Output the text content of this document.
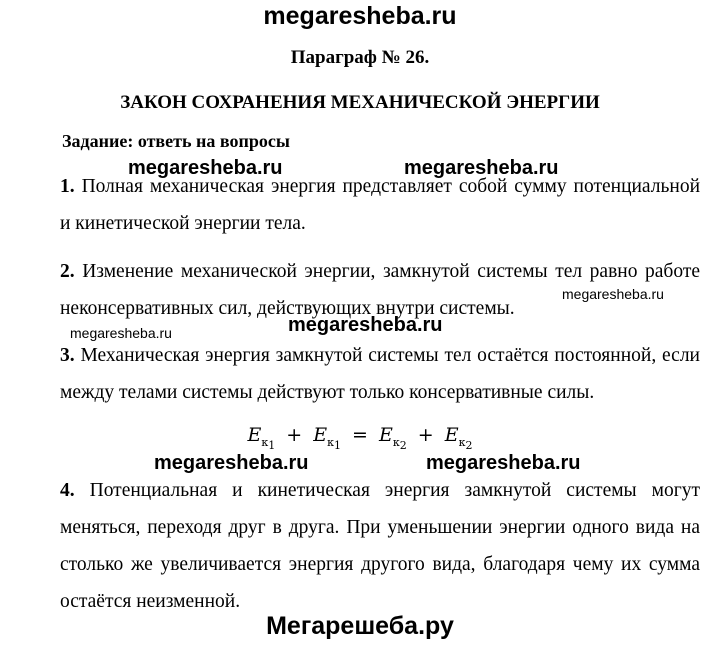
megaresheba.ru
Параграф № 26.
ЗАКОН СОХРАНЕНИЯ МЕХАНИЧЕСКОЙ ЭНЕРГИИ
Задание: ответь на вопросы
megaresheba.ru	megaresheba.ru
1. Полная механическая энергия представляет собой сумму потенциальной и кинетической энергии тела.
2. Изменение механической энергии, замкнутой системы тел равно работе неконсервативных сил, действующих внутри системы.
megaresheba.ru
megaresheba.ru	megaresheba.ru
3. Механическая энергия замкнутой системы тел остаётся постоянной, если между телами системы действуют только консервативные силы.
$E_{к_1} + E_{к_1} = E_{к_2} + E_{к_2}$
megaresheba.ru	megaresheba.ru
4. Потенциальная и кинетическая энергия замкнутой системы могут меняться, переходя друг в друга. При уменьшении энергии одного вида на столько же увеличивается энергия другого вида, благодаря чему их сумма остаётся неизменной.
Мегарешеба.ру
